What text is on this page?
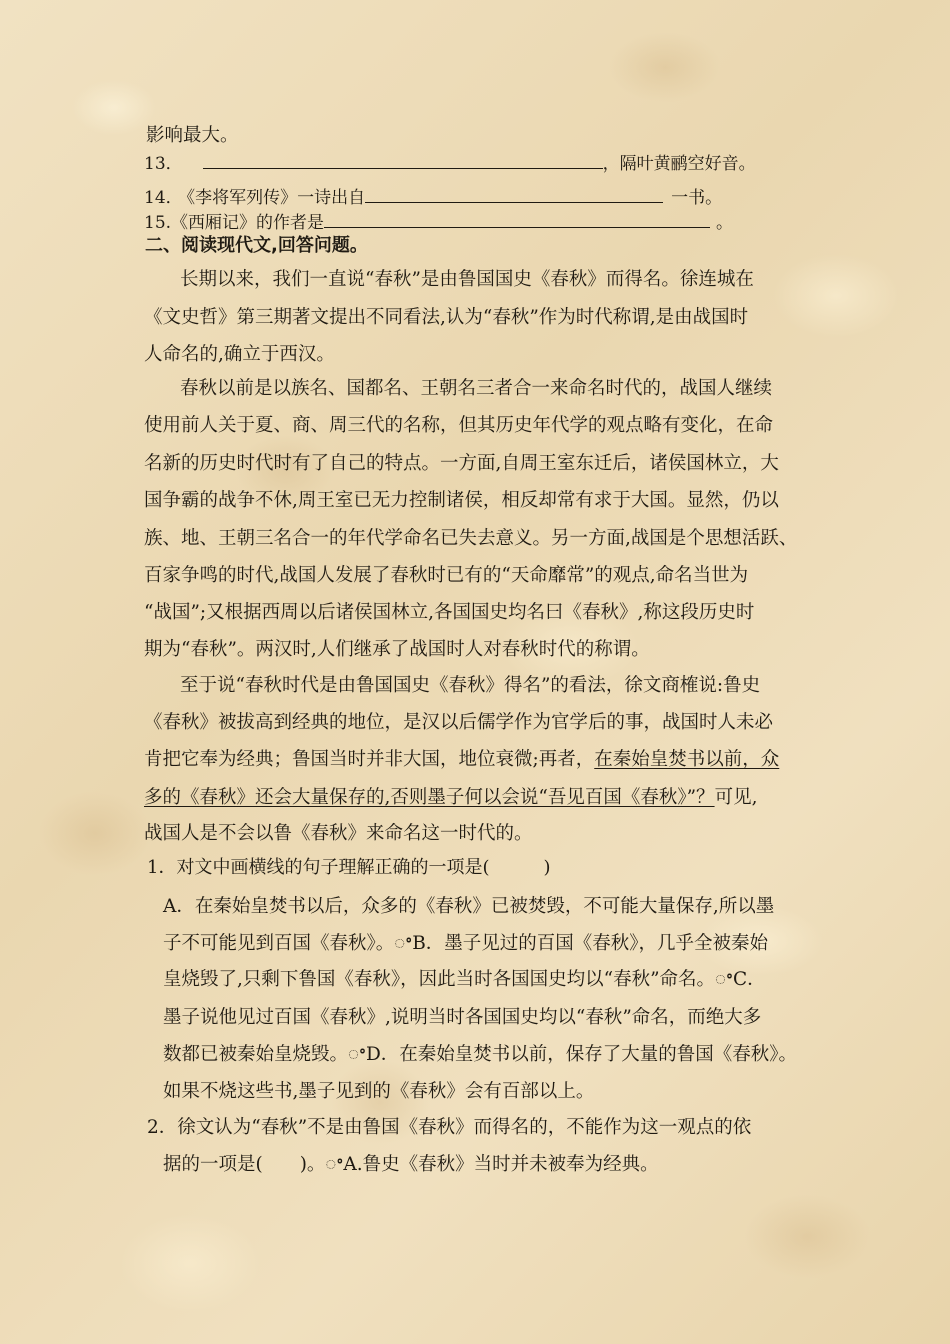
影响最大。
13．	，隔叶黄鹂空好音。
14． 《李将军列传》一诗出自	一书。
15.《西厢记》的作者是	。
二、阅读现代文,回答问题。
长期以来，我们一直说“春秋”是由鲁国国史《春秋》而得名。徐连城在
《文史哲》第三期著文提出不同看法,认为“春秋”作为时代称谓,是由战国时
人命名的,确立于西汉。
春秋以前是以族名、国都名、王朝名三者合一来命名时代的，战国人继续
使用前人关于夏、商、周三代的名称，但其历史年代学的观点略有变化，在命
名新的历史时代时有了自己的特点。一方面,自周王室东迁后，诸侯国林立，大
国争霸的战争不休,周王室已无力控制诸侯，相反却常有求于大国。显然，仍以
族、地、王朝三名合一的年代学命名已失去意义。另一方面,战国是个思想活跃、
百家争鸣的时代,战国人发展了春秋时已有的“天命靡常”的观点,命名当世为
“战国”;又根据西周以后诸侯国林立,各国国史均名曰《春秋》,称这段历史时
期为“春秋”。两汉时,人们继承了战国时人对春秋时代的称谓。
至于说“春秋时代是由鲁国国史《春秋》得名”的看法，徐文商榷说:鲁史
《春秋》被拔高到经典的地位，是汉以后儒学作为官学后的事，战国时人未必
肯把它奉为经典；鲁国当时并非大国，地位衰微;再者，在秦始皇焚书以前，众
多的《春秋》还会大量保存的,否则墨子何以会说“吾见百国《春秋》”？可见,
战国人是不会以鲁《春秋》来命名这一时代的。
1．对文中画横线的句子理解正确的一项是(　　　)
A．在秦始皇焚书以后，众多的《春秋》已被焚毁，不可能大量保存,所以墨
子不可能见到百国《春秋》。ꢀB．墨子见过的百国《春秋》，几乎全被秦始
皇烧毁了,只剩下鲁国《春秋》，因此当时各国国史均以“春秋”命名。ꢀC．
墨子说他见过百国《春秋》,说明当时各国国史均以“春秋”命名，而绝大多
数都已被秦始皇烧毁。ꢀD．在秦始皇焚书以前，保存了大量的鲁国《春秋》。
如果不烧这些书,墨子见到的《春秋》会有百部以上。
2．徐文认为“春秋”不是由鲁国《春秋》而得名的，不能作为这一观点的依
据的一项是(　　)。ꢀA.鲁史《春秋》当时并未被奉为经典。
